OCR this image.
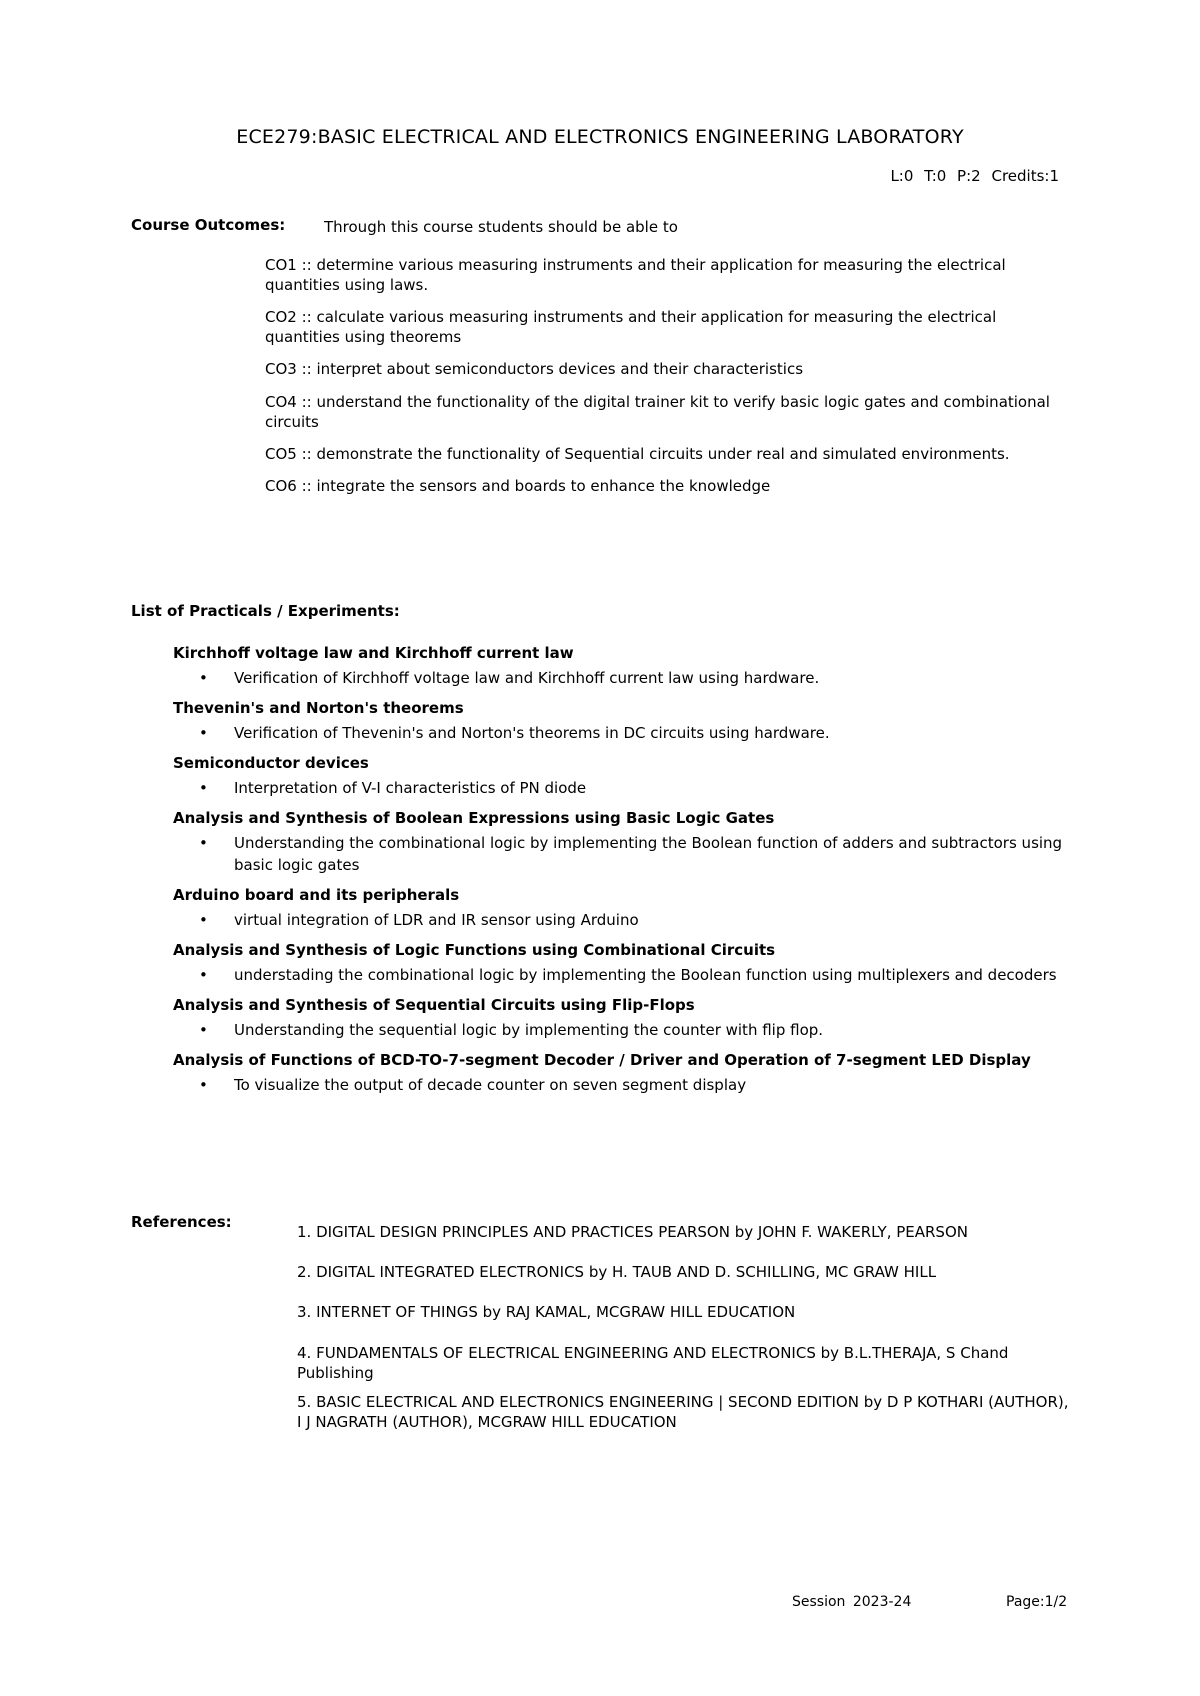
ECE279:BASIC ELECTRICAL AND ELECTRONICS ENGINEERING LABORATORY
L:0 T:0 P:2 Credits:1
Course Outcomes:	Through this course students should be able to
CO1 :: determine various measuring instruments and their application for measuring the electrical quantities using laws.
CO2 :: calculate various measuring instruments and their application for measuring the electrical quantities using theorems
CO3 :: interpret about semiconductors devices and their characteristics
CO4 :: understand the functionality of the digital trainer kit to verify basic logic gates and combinational circuits
CO5 :: demonstrate the functionality of Sequential circuits under real and simulated environments.
CO6 :: integrate the sensors and boards to enhance the knowledge
List of Practicals / Experiments:
Kirchhoff voltage law and Kirchhoff current law
• Verification of Kirchhoff voltage law and Kirchhoff current law using hardware.
Thevenin's and Norton's theorems
• Verification of Thevenin's and Norton's theorems in DC circuits using hardware.
Semiconductor devices
• Interpretation of V-I characteristics of PN diode
Analysis and Synthesis of Boolean Expressions using Basic Logic Gates
• Understanding the combinational logic by implementing the Boolean function of adders and subtractors using basic logic gates
Arduino board and its peripherals
• virtual integration of LDR and IR sensor using Arduino
Analysis and Synthesis of Logic Functions using Combinational Circuits
• understading the combinational logic by implementing the Boolean function using multiplexers and decoders
Analysis and Synthesis of Sequential Circuits using Flip-Flops
• Understanding the sequential logic by implementing the counter with flip flop.
Analysis of Functions of BCD-TO-7-segment Decoder / Driver and Operation of 7-segment LED Display
• To visualize the output of decade counter on seven segment display
References:
1. DIGITAL DESIGN PRINCIPLES AND PRACTICES PEARSON by JOHN F. WAKERLY, PEARSON
2. DIGITAL INTEGRATED ELECTRONICS by H. TAUB AND D. SCHILLING, MC GRAW HILL
3. INTERNET OF THINGS by RAJ KAMAL, MCGRAW HILL EDUCATION
4. FUNDAMENTALS OF ELECTRICAL ENGINEERING AND ELECTRONICS by B.L.THERAJA, S Chand Publishing
5. BASIC ELECTRICAL AND ELECTRONICS ENGINEERING | SECOND EDITION by D P KOTHARI (AUTHOR), I J NAGRATH (AUTHOR), MCGRAW HILL EDUCATION
Session 2023-24	Page:1/2
